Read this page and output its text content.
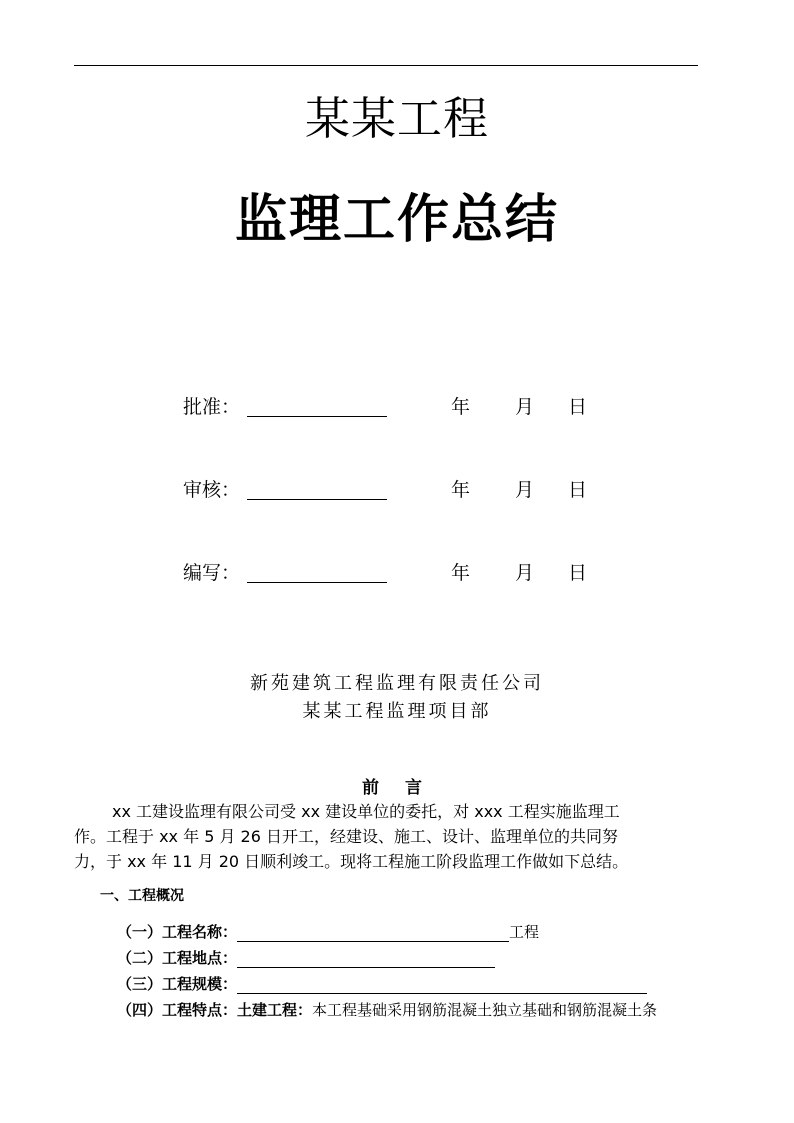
某某工程
监理工作总结
批准：	年 月 日
审核：	年 月 日
编写：	年 月 日
新苑建筑工程监理有限责任公司
某某工程监理项目部
前 言
xx 工建设监理有限公司受 xx 建设单位的委托，对 xxx 工程实施监理工
作。工程于 xx 年 5 月 26 日开工，经建设、施工、设计、监理单位的共同努
力，于 xx 年 11 月 20 日顺利竣工。现将工程施工阶段监理工作做如下总结。
一、工程概况
（一）工程名称：	工程
（二）工程地点：
（三）工程规模：
（四）工程特点：土建工程：本工程基础采用钢筋混凝土独立基础和钢筋混凝土条
